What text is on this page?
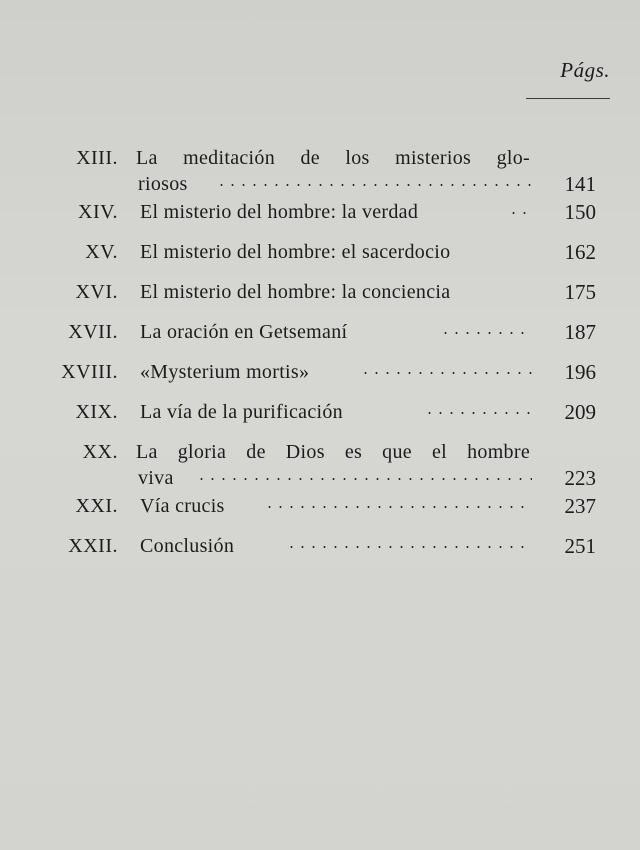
Págs.
XIII. La meditación de los misterios glo-
riosos	141
XIV. El misterio del hombre: la verdad	150
XV. El misterio del hombre: el sacerdocio	162
XVI. El misterio del hombre: la conciencia	175
XVII. La oración en Getsemaní	187
XVIII. «Mysterium mortis»	196
XIX. La vía de la purificación	209
XX. La gloria de Dios es que el hombre
viva	223
XXI. Vía crucis	237
XXII. Conclusión	251
